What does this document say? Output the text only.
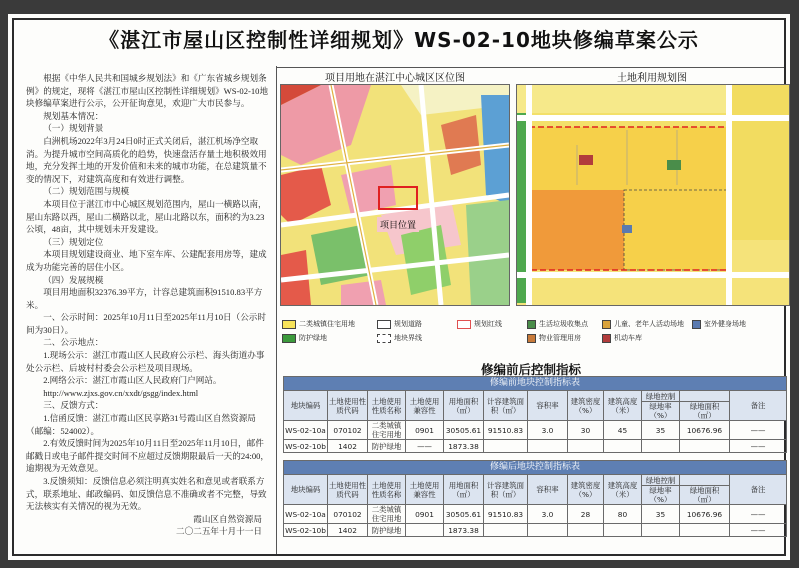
《湛江市屋山区控制性详细规划》WS-02-10地块修编草案公示

根据《中华人民共和国城乡规划法》和《广东省城乡规划条例》的规定，现将《湛江市屋山区控制性详细规划》WS-02-10地块修编草案进行公示，公开征询意见，欢迎广大市民参与。

规划基本情况：

（一）规划背景

白洲机场2022年3月24日0时正式关闭后，湛江机场净空取消。为提升城市空间高质化的趋势，快速盘活存量土地积极效用地，充分发挥土地的开发价值和未来的城市功能，在总建筑量不变的情况下，对建筑高度和有效进行调整。

（二）规划范围与规模

本项目位于湛江市中心城区规划范围内，屋山一横路以南，屋山东路以西，屋山二横路以北，屋山北路以东，面积约为3.23公顷，48亩，其中规划未开发建设。

（三）规划定位

本项目规划建设商业、地下室车库、公建配套用房等，建成成为功能完善的居住小区。

（四）发展规模

项目用地面积32376.39平方，计容总建筑面积91510.83平方米。

一、公示时间：2025年10月11日至2025年11月10日（公示时间为30日）。

二、公示地点：

1.现场公示：湛江市霞山区人民政府公示栏、海头街道办事处公示栏、后坡村村委会公示栏及项目现场。

2.网络公示：湛江市霞山区人民政府门户网站。

http://www.zjxs.gov.cn/xxdt/gsgg/index.html

三、反馈方式：

1.信函反馈：湛江市霞山区民享路31号霞山区自然资源局（邮编：524002）。

2.有效反馈时间为2025年10月11日至2025年11月10日，邮件邮戳日或电子邮件提交时间不应超过反馈期限最后一天的24:00，逾期视为无效意见。

3.反馈须知：反馈信息必须注明真实姓名和意见或者联系方式，联系地址、邮政编码、如反馈信息不准确或者不完整，导致无法核实有关情况的视为无效。

霞山区自然资源局

二〇二五年十月十一日

项目用地在湛江中心城区区位图	土地利用规划图
项目位置
二类城镇住宅用地	规划道路	规划红线	生活垃圾收集点	儿童、老年人活动场地	室外健身场地
防护绿地	地块界线	物业管理用房	机动车库
修编前后控制指标
修编前地块控制指标表											
地块编码	土地使用性质代码	土地使用性质名称	土地使用兼容性	用地面积（㎡）	计容建筑面积（㎡）	容积率	建筑密度（%）	建筑高度（米）	绿地控制
绿地率（%）	绿地面积（㎡）	备注
WS-02-10a	070102	二类城镇住宅用地	0901	30505.61	91510.83	3.0	30	45	35	10676.96	——
WS-02-10b	1402	防护绿地	——	1873.38							——
修编后地块控制指标表											
地块编码	土地使用性质代码	土地使用性质名称	土地使用兼容性	用地面积（㎡）	计容建筑面积（㎡）	容积率	建筑密度（%）	建筑高度（米）	绿地控制
绿地率（%）	绿地面积（㎡）	备注
WS-02-10a	070102	二类城镇住宅用地	0901	30505.61	91510.83	3.0	28	80	35	10676.96	——
WS-02-10b	1402	防护绿地		1873.38							——
